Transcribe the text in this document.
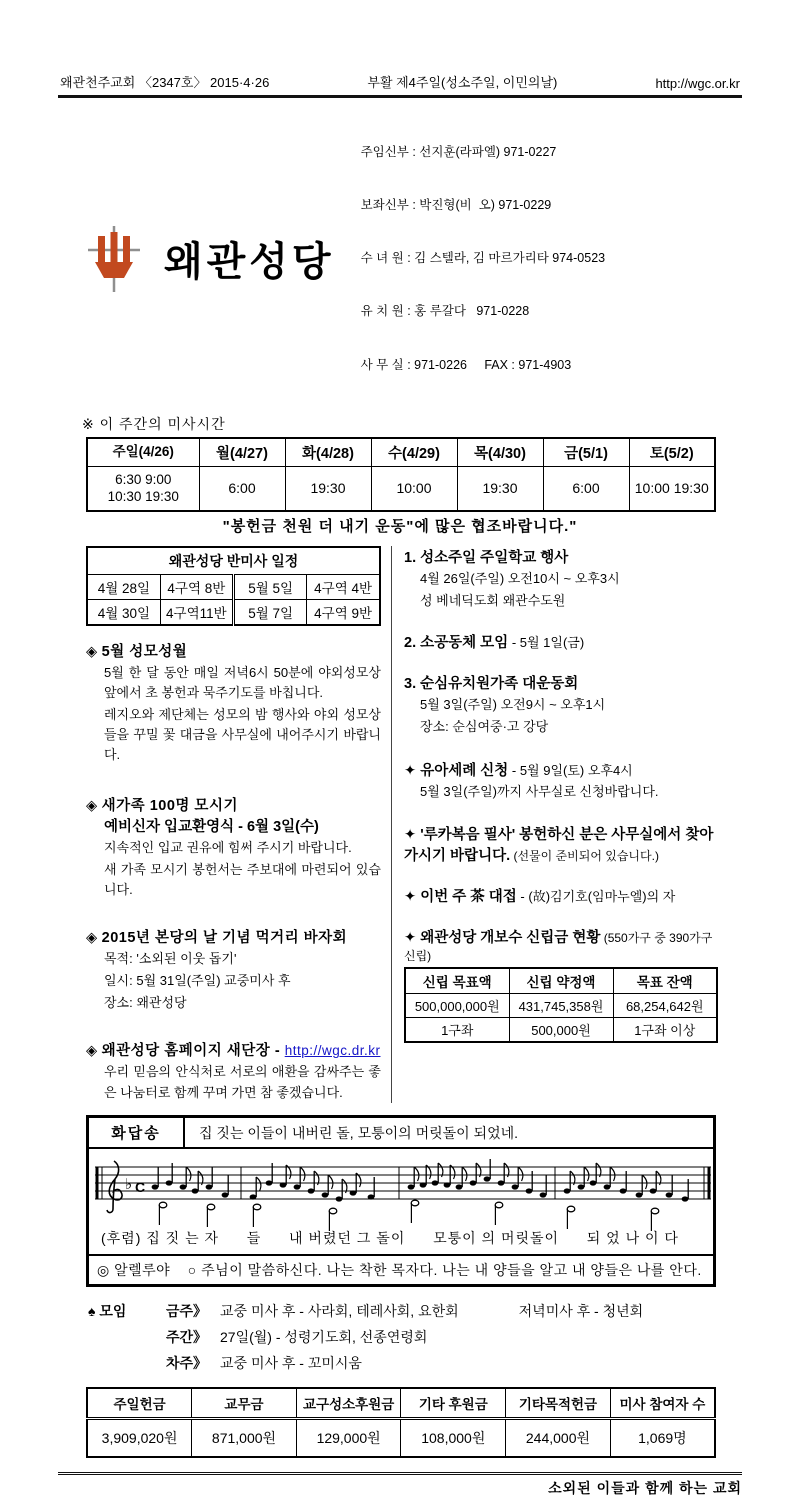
왜관천주교회 〈2347호〉 2015·4·26	부활 제4주일(성소주일, 이민의날)	http://wgc.or.kr
왜관성당

주임신부 : 선지훈(라파엘) 971-0227

보좌신부 : 박진형(비  오) 971-0229

수 녀 원 : 김 스텔라, 김 마르가리타 974-0523

유 치 원 : 홍 루갈다   971-0228

사 무 실 : 971-0226     FAX : 971-4903

※ 이 주간의 미사시간
주일(4/26)	월(4/27)	화(4/28)	수(4/29)	목(4/30)	금(5/1)	토(5/2)

6:30 9:00
10:30 19:30	6:00	19:30	10:00	19:30	6:00	10:00 19:30
"봉헌금 천원 더 내기 운동"에 많은 협조바랍니다."
왜관성당 반미사 일정			
4월 28일	4구역 8반	5월 5일	4구역 4반
4월 30일	4구역11반	5월 7일	4구역 9반
◈ 5월 성모성월
5월 한 달 동안 매일 저녁6시 50분에 야외성모상 앞에서 초 봉헌과 묵주기도를 바칩니다.
레지오와 제단체는 성모의 밤 행사와 야외 성모상 들을 꾸밀 꽃 대금을 사무실에 내어주시기 바랍니다.
◈ 새가족 100명 모시기
예비신자 입교환영식 - 6월 3일(수)
지속적인 입교 권유에 힘써 주시기 바랍니다.
새 가족 모시기 봉헌서는 주보대에 마련되어 있습니다.
◈ 2015년 본당의 날 기념 먹거리 바자회
목적: '소외된 이웃 돕기'
일시: 5월 31일(주일) 교중미사 후
장소: 왜관성당
◈ 왜관성당 홈페이지 새단장 - http://wgc.dr.kr
우리 믿음의 안식처로 서로의 애환을 감싸주는 좋은 나눔터로 함께 꾸며 가면 참 좋겠습니다.
1. 성소주일 주일학교 행사
4월 26일(주일) 오전10시 ~ 오후3시
성 베네딕도회 왜관수도원
2. 소공동체 모임 - 5월 1일(금)
3. 순심유치원가족 대운동회
5월 3일(주일) 오전9시 ~ 오후1시
장소: 순심여중·고 강당
✦ 유아세례 신청 - 5월 9일(토) 오후4시
5월 3일(주일)까지 사무실로 신청바랍니다.
✦ '루카복음 필사' 봉헌하신 분은 사무실에서 찾아 가시기 바랍니다. (선물이 준비되어 있습니다.)
✦ 이번 주 茶 대접 - (故)김기호(임마누엘)의 자
✦ 왜관성당 개보수 신립금 현황 (550가구 중 390가구 신립)
신립 목표액	신립 약정액	목표 잔액
500,000,000원	431,745,358원	68,254,642원
1구좌	500,000원	1구좌 이상
화답송	집 짓는 이들이 내버린 돌, 모퉁이의 머릿돌이 되었네.
♭ C
(후렴) 집 짓 는 자 들 내 버렸던 그 돌이 모퉁이 의 머릿돌이 되 었 나 이 다
◎ 알렐루야 ○ 주님이 말씀하신다. 나는 착한 목자다. 나는 내 양들을 알고 내 양들은 나를 안다.
♠ 모임	금주》 교중 미사 후 - 사라회, 테레사회, 요한회	저녁미사 후 - 청년회
주간》 27일(월) - 성령기도회, 선종연령회
차주》 교중 미사 후 - 꼬미시움
주일헌금	교무금	교구성소후원금	기타 후원금	기타목적헌금	미사 참여자 수
3,909,020원	871,000원	129,000원	108,000원	244,000원	1,069명
소외된 이들과 함께 하는 교회
